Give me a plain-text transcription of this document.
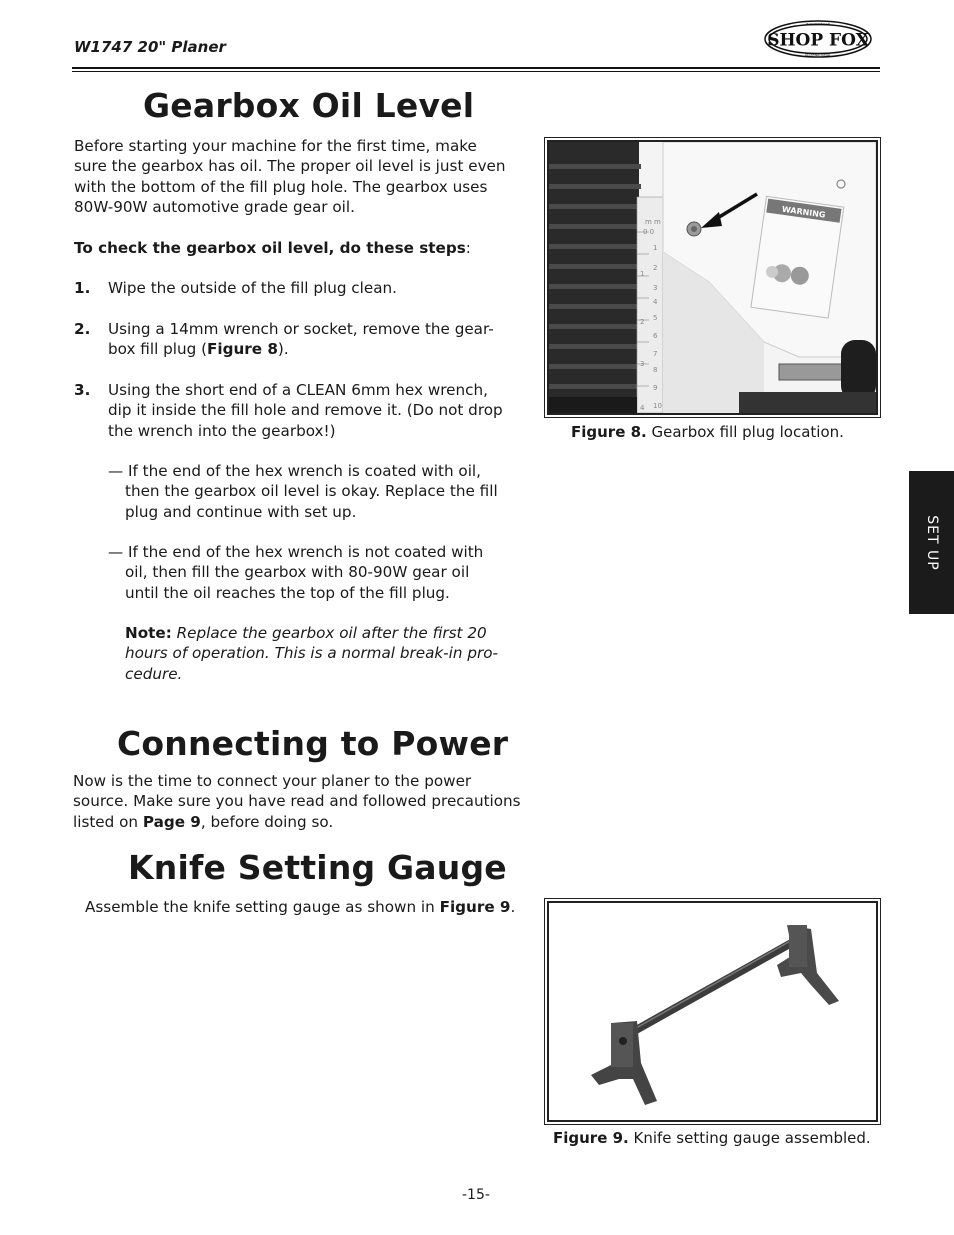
W1747 20" Planer	SHOP FOX
WOODSTOCK
INTERNATIONAL
Gearbox Oil Level
Before starting your machine for the first time, make
sure the gearbox has oil. The proper oil level is just even
with the bottom of the fill plug hole. The gearbox uses
80W-90W automotive grade gear oil.
To check the gearbox oil level, do these steps:
1. Wipe the outside of the fill plug clean.
2. Using a 14mm wrench or socket, remove the gear-
box fill plug (Figure 8).
3. Using the short end of a CLEAN 6mm hex wrench,
dip it inside the fill hole and remove it. (Do not drop
the wrench into the gearbox!)
— If the end of the hex wrench is coated with oil,
then the gearbox oil level is okay. Replace the fill
plug and continue with set up.
— If the end of the hex wrench is not coated with
oil, then fill the gearbox with 80-90W gear oil
until the oil reaches the top of the fill plug.
Note: Replace the gearbox oil after the first 20
hours of operation. This is a normal break-in pro-
cedure.
m m
0 0
1
2
3
4
5
6
7
8
9
10
1
2
3
4
WARNING
Figure 8. Gearbox fill plug location.
SET UP
Connecting to Power
Now is the time to connect your planer to the power
source. Make sure you have read and followed precautions
listed on Page 9, before doing so.
Knife Setting Gauge
Assemble the knife setting gauge as shown in Figure 9.
Figure 9. Knife setting gauge assembled.
-15-
